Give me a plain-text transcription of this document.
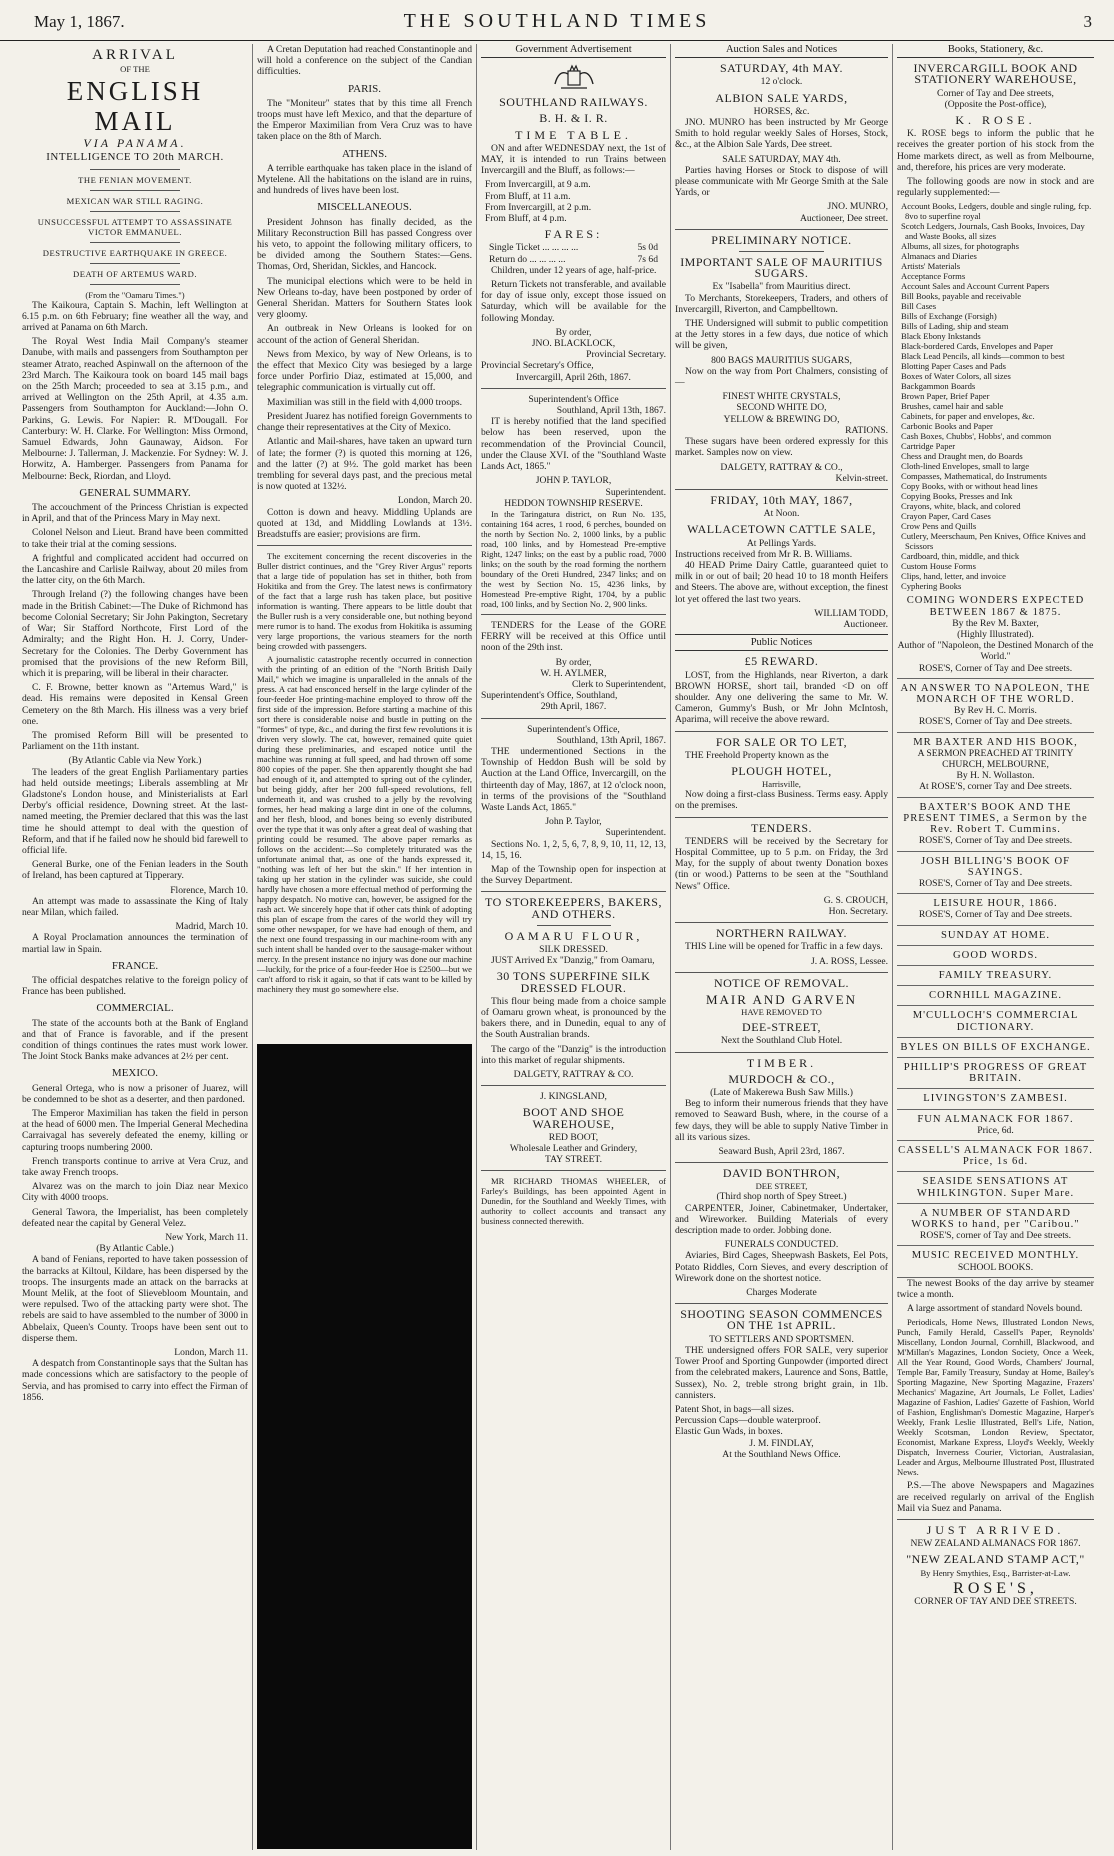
May 1, 1867.	THE SOUTHLAND TIMES	3
ARRIVAL
OF THE
ENGLISH MAIL
VIA PANAMA.
INTELLIGENCE TO 20th MARCH.
THE FENIAN MOVEMENT.
MEXICAN WAR STILL RAGING.
UNSUCCESSFUL ATTEMPT TO ASSASSINATE VICTOR EMMANUEL.
DESTRUCTIVE EARTHQUAKE IN GREECE.
DEATH OF ARTEMUS WARD.
(From the "Oamaru Times.")

The Kaikoura, Captain S. Machin, left Wellington at 6.15 p.m. on 6th February; fine weather all the way, and arrived at Panama on 6th March.

The Royal West India Mail Company's steamer Danube, with mails and passengers from Southampton per steamer Atrato, reached Aspinwall on the afternoon of the 23rd March. The Kaikoura took on board 145 mail bags on the 25th March; proceeded to sea at 3.15 p.m., and arrived at Wellington on the 25th April, at 4.35 a.m. Passengers from Southampton for Auckland:—John O. Parkins, G. Lewis. For Napier: R. M'Dougall. For Canterbury: W. H. Clarke. For Wellington: Miss Ormond, Samuel Edwards, John Gaunaway, Aidson. For Melbourne: J. Tallerman, J. Mackenzie. For Sydney: W. J. Horwitz, A. Hamberger. Passengers from Panama for Melbourne: Beck, Riordan, and Lloyd.

GENERAL SUMMARY.

The accouchment of the Princess Christian is expected in April, and that of the Princess Mary in May next.

Colonel Nelson and Lieut. Brand have been committed to take their trial at the coming sessions.

A frightful and complicated accident had occurred on the Lancashire and Carlisle Railway, about 20 miles from the latter city, on the 6th March.

Through Ireland (?) the following changes have been made in the British Cabinet:—The Duke of Richmond has become Colonial Secretary; Sir John Pakington, Secretary of War; Sir Stafford Northcote, First Lord of the Admiralty; and the Right Hon. H. J. Corry, Under-Secretary for the Colonies. The Derby Government has promised that the provisions of the new Reform Bill, which it is preparing, will be liberal in their character.

C. F. Browne, better known as "Artemus Ward," is dead. His remains were deposited in Kensal Green Cemetery on the 8th March. His illness was a very brief one.

The promised Reform Bill will be presented to Parliament on the 11th instant.

(By Atlantic Cable via New York.)

The leaders of the great English Parliamentary parties had held outside meetings; Liberals assembling at Mr Gladstone's London house, and Ministerialists at Earl Derby's official residence, Downing street. At the last-named meeting, the Premier declared that this was the last time he should attempt to deal with the question of Reform, and that if he failed now he should bid farewell to official life.

General Burke, one of the Fenian leaders in the South of Ireland, has been captured at Tipperary.

Florence, March 10.

An attempt was made to assassinate the King of Italy near Milan, which failed.

Madrid, March 10.

A Royal Proclamation announces the termination of martial law in Spain.

FRANCE.

The official despatches relative to the foreign policy of France has been published.

COMMERCIAL.

The state of the accounts both at the Bank of England and that of France is favorable, and if the present condition of things continues the rates must work lower. The Joint Stock Banks make advances at 2½ per cent.

MEXICO.

General Ortega, who is now a prisoner of Juarez, will be condemned to be shot as a deserter, and then pardoned.

The Emperor Maximilian has taken the field in person at the head of 6000 men. The Imperial General Mechedina Carraivagal has severely defeated the enemy, killing or capturing troops numbering 2000.

French transports continue to arrive at Vera Cruz, and take away French troops.

Alvarez was on the march to join Diaz near Mexico City with 4000 troops.

General Tawora, the Imperialist, has been completely defeated near the capital by General Velez.

New York, March 11.
(By Atlantic Cable.)

A band of Fenians, reported to have taken possession of the barracks at Kiltoul, Kildare, has been dispersed by the troops. The insurgents made an attack on the barracks at Mount Melik, at the foot of Slievebloom Mountain, and were repulsed. Two of the attacking party were shot. The rebels are said to have assembled to the number of 3000 in Abbelaix, Queen's County. Troops have been sent out to disperse them.

London, March 11.

A despatch from Constantinople says that the Sultan has made concessions which are satisfactory to the people of Servia, and has promised to carry into effect the Firman of 1856.

A Cretan Deputation had reached Constantinople and will hold a conference on the subject of the Candian difficulties.

PARIS.

The "Moniteur" states that by this time all French troops must have left Mexico, and that the departure of the Emperor Maximilian from Vera Cruz was to have taken place on the 8th of March.

ATHENS.

A terrible earthquake has taken place in the island of Mytelene. All the habitations on the island are in ruins, and hundreds of lives have been lost.

MISCELLANEOUS.

President Johnson has finally decided, as the Military Reconstruction Bill has passed Congress over his veto, to appoint the following military officers, to be divided among the Southern States:—Gens. Thomas, Ord, Sheridan, Sickles, and Hancock.

The municipal elections which were to be held in New Orleans to-day, have been postponed by order of General Sheridan. Matters for Southern States look very gloomy.

An outbreak in New Orleans is looked for on account of the action of General Sheridan.

News from Mexico, by way of New Orleans, is to the effect that Mexico City was besieged by a large force under Porfirio Diaz, estimated at 15,000, and telegraphic communication is virtually cut off.

Maximilian was still in the field with 4,000 troops.

President Juarez has notified foreign Governments to change their representatives at the City of Mexico.

Atlantic and Mail-shares, have taken an upward turn of late; the former (?) is quoted this morning at 126, and the latter (?) at 9½. The gold market has been trembling for several days past, and the precious metal is now quoted at 132½.

London, March 20.

Cotton is down and heavy. Middling Uplands are quoted at 13d, and Middling Lowlands at 13½. Breadstuffs are easier; provisions are firm.

The excitement concerning the recent discoveries in the Buller district continues, and the "Grey River Argus" reports that a large tide of population has set in thither, both from Hokitika and from the Grey. The latest news is confirmatory of the fact that a large rush has taken place, but positive information is wanting. There appears to be little doubt that the Buller rush is a very considerable one, but nothing beyond mere rumor is to hand. The exodus from Hokitika is assuming very large proportions, the various steamers for the north being crowded with passengers.

A journalistic catastrophe recently occurred in connection with the printing of an edition of the "North British Daily Mail," which we imagine is unparalleled in the annals of the press. A cat had ensconced herself in the large cylinder of the four-feeder Hoe printing-machine employed to throw off the first side of the impression. Before starting a machine of this sort there is considerable noise and bustle in putting on the "formes" of type, &c., and during the first few revolutions it is driven very slowly. The cat, however, remained quite quiet during these preliminaries, and escaped notice until the machine was running at full speed, and had thrown off some 800 copies of the paper. She then apparently thought she had had enough of it, and attempted to spring out of the cylinder, but being giddy, after her 200 full-speed revolutions, fell underneath it, and was crushed to a jelly by the revolving formes, her head making a large dint in one of the columns, and her flesh, blood, and bones being so evenly distributed over the type that it was only after a great deal of washing that printing could be resumed. The above paper remarks as follows on the accident:—So completely triturated was the unfortunate animal that, as one of the hands expressed it, "nothing was left of her but the skin." If her intention in taking up her station in the cylinder was suicide, she could hardly have chosen a more effectual method of performing the happy despatch. No motive can, however, be assigned for the rash act. We sincerely hope that if other cats think of adopting this plan of escape from the cares of the world they will try some other newspaper, for we have had enough of them, and the next one found trespassing in our machine-room with any such intent shall be handed over to the sausage-maker without mercy. In the present instance no injury was done our machine—luckily, for the price of a four-feeder Hoe is £2500—but we can't afford to risk it again, so that if cats want to be killed by machinery they must go somewhere else.

Government Advertisement
SOUTHLAND RAILWAYS.
B. H. & I. R.
TIME TABLE.

ON and after WEDNESDAY next, the 1st of MAY, it is intended to run Trains between Invercargill and the Bluff, as follows:—

From Invercargill, at 9 a.m.
From Bluff, at 11 a.m.
From Invercargill, at 2 p.m.
From Bluff, at 4 p.m.
FARES:
Single Ticket ... ... ... ...	5s 0d
Return do ... ... ... ...	7s 6d

Children, under 12 years of age, half-price.

Return Tickets not transferable, and available for day of issue only, except those issued on Saturday, which will be available for the following Monday.

By order,
JNO. BLACKLOCK,
Provincial Secretary.
Provincial Secretary's Office,
Invercargill, April 26th, 1867.
Superintendent's Office
Southland, April 13th, 1867.

IT is hereby notified that the land specified below has been reserved, upon the recommendation of the Provincial Council, under the Clause XVI. of the "Southland Waste Lands Act, 1865."

JOHN P. TAYLOR,
Superintendent.
HEDDON TOWNSHIP RESERVE.

In the Taringatura district, on Run No. 135, containing 164 acres, 1 rood, 6 perches, bounded on the north by Section No. 2, 1000 links, by a public road, 100 links, and by Homestead Pre-emptive Right, 1247 links; on the east by a public road, 7000 links; on the south by the road forming the northern boundary of the Oreti Hundred, 2347 links; and on the west by Section No. 15, 4236 links, by Homestead Pre-emptive Right, 1704, by a public road, 100 links, and by Section No. 2, 900 links.

TENDERS for the Lease of the GORE FERRY will be received at this Office until noon of the 29th inst.

By order,
W. H. AYLMER,
Clerk to Superintendent,
Superintendent's Office, Southland,
29th April, 1867.
Superintendent's Office,
Southland, 13th April, 1867.

THE undermentioned Sections in the Township of Heddon Bush will be sold by Auction at the Land Office, Invercargill, on the thirteenth day of May, 1867, at 12 o'clock noon, in terms of the provisions of the "Southland Waste Lands Act, 1865."

John P. Taylor,
Superintendent.

Sections No. 1, 2, 5, 6, 7, 8, 9, 10, 11, 12, 13, 14, 15, 16.

Map of the Township open for inspection at the Survey Department.

TO STOREKEEPERS, BAKERS, AND OTHERS.
OAMARU FLOUR,
SILK DRESSED.

JUST Arrived Ex "Danzig," from Oamaru,

30 TONS SUPERFINE SILK DRESSED FLOUR.

This flour being made from a choice sample of Oamaru grown wheat, is pronounced by the bakers there, and in Dunedin, equal to any of the South Australian brands.

The cargo of the "Danzig" is the introduction into this market of regular shipments.

DALGETY, RATTRAY & CO.
J. KINGSLAND,
BOOT AND SHOE WAREHOUSE,
RED BOOT,
Wholesale Leather and Grindery,
TAY STREET.

MR RICHARD THOMAS WHEELER, of Farley's Buildings, has been appointed Agent in Dunedin, for the Southland and Weekly Times, with authority to collect accounts and transact any business connected therewith.

Auction Sales and Notices
SATURDAY, 4th MAY.
12 o'clock.
ALBION SALE YARDS,
HORSES, &c.

JNO. MUNRO has been instructed by Mr George Smith to hold regular weekly Sales of Horses, Stock, &c., at the Albion Sale Yards, Dee street.

SALE SATURDAY, MAY 4th.

Parties having Horses or Stock to dispose of will please communicate with Mr George Smith at the Sale Yards, or

JNO. MUNRO,
Auctioneer, Dee street.
PRELIMINARY NOTICE.
IMPORTANT SALE OF MAURITIUS SUGARS.
Ex "Isabella" from Mauritius direct.

To Merchants, Storekeepers, Traders, and others of Invercargill, Riverton, and Campbelltown.

THE Undersigned will submit to public competition at the Jetty stores in a few days, due notice of which will be given,

800 BAGS MAURITIUS SUGARS,

Now on the way from Port Chalmers, consisting of—

FINEST WHITE CRYSTALS,
SECOND WHITE DO,
YELLOW & BREWING DO,
RATIONS.

These sugars have been ordered expressly for this market. Samples now on view.

DALGETY, RATTRAY & CO.,
Kelvin-street.
FRIDAY, 10th MAY, 1867,
At Noon.
WALLACETOWN CATTLE SALE,
At Pellings Yards.
Instructions received from Mr R. B. Williams.

40 HEAD Prime Dairy Cattle, guaranteed quiet to milk in or out of bail; 20 head 10 to 18 month Heifers and Steers. The above are, without exception, the finest lot yet offered the last two years.

WILLIAM TODD,
Auctioneer.
Public Notices
£5 REWARD.

LOST, from the Highlands, near Riverton, a dark BROWN HORSE, short tail, branded <D on off shoulder. Any one delivering the same to Mr. W. Cameron, Gummy's Bush, or Mr John McIntosh, Aparima, will receive the above reward.

FOR SALE OR TO LET,

THE Freehold Property known as the

PLOUGH HOTEL,
Harrisville,

Now doing a first-class Business. Terms easy. Apply on the premises.

TENDERS.

TENDERS will be received by the Secretary for Hospital Committee, up to 5 p.m. on Friday, the 3rd May, for the supply of about twenty Donation boxes (tin or wood.) Patterns to be seen at the "Southland News" Office.

G. S. CROUCH,
Hon. Secretary.
NORTHERN RAILWAY.

THIS Line will be opened for Traffic in a few days.

J. A. ROSS, Lessee.
NOTICE OF REMOVAL.
MAIR AND GARVEN
HAVE REMOVED TO
DEE-STREET,
Next the Southland Club Hotel.
TIMBER.
MURDOCH & CO.,
(Late of Makerewa Bush Saw Mills.)

Beg to inform their numerous friends that they have removed to Seaward Bush, where, in the course of a few days, they will be able to supply Native Timber in all its various sizes.

Seaward Bush, April 23rd, 1867.
DAVID BONTHRON,
DEE STREET,
(Third shop north of Spey Street.)

CARPENTER, Joiner, Cabinetmaker, Undertaker, and Wireworker. Building Materials of every description made to order. Jobbing done.

FUNERALS CONDUCTED.

Aviaries, Bird Cages, Sheepwash Baskets, Eel Pots, Potato Riddles, Corn Sieves, and every description of Wirework done on the shortest notice.

Charges Moderate
SHOOTING SEASON COMMENCES ON THE 1st APRIL.
TO SETTLERS AND SPORTSMEN.

THE undersigned offers FOR SALE, very superior Tower Proof and Sporting Gunpowder (imported direct from the celebrated makers, Laurence and Sons, Battle, Sussex), No. 2, treble strong bright grain, in 1lb. cannisters.

Patent Shot, in bags—all sizes.
Percussion Caps—double waterproof.
Elastic Gun Wads, in boxes.
J. M. FINDLAY,
At the Southland News Office.
Books, Stationery, &c.
INVERCARGILL BOOK AND STATIONERY WAREHOUSE,
Corner of Tay and Dee streets,
(Opposite the Post-office),
K. ROSE.

K. ROSE begs to inform the public that he receives the greater portion of his stock from the Home markets direct, as well as from Melbourne, and, therefore, his prices are very moderate.

The following goods are now in stock and are regularly supplemented:—

Account Books, Ledgers, double and single ruling, fcp. 8vo to superfine royal
Scotch Ledgers, Journals, Cash Books, Invoices, Day and Waste Books, all sizes
Albums, all sizes, for photographs
Almanacs and Diaries
Artists' Materials
Acceptance Forms
Account Sales and Account Current Papers
Bill Books, payable and receivable
Bill Cases
Bills of Exchange (Forsigh)
Bills of Lading, ship and steam
Black Ebony Inkstands
Black-bordered Cards, Envelopes and Paper
Black Lead Pencils, all kinds—common to best
Blotting Paper Cases and Pads
Boxes of Water Colors, all sizes
Backgammon Boards
Brown Paper, Brief Paper
Brushes, camel hair and sable
Cabinets, for paper and envelopes, &c.
Carbonic Books and Paper
Cash Boxes, Chubbs', Hobbs', and common
Cartridge Paper
Chess and Draught men, do Boards
Cloth-lined Envelopes, small to large
Compasses, Mathematical, do Instruments
Copy Books, with or without head lines
Copying Books, Presses and Ink
Crayons, white, black, and colored
Crayon Paper, Card Cases
Crow Pens and Quills
Cutlery, Meerschaum, Pen Knives, Office Knives and Scissors
Cardboard, thin, middle, and thick
Custom House Forms
Clips, hand, letter, and invoice
Cyphering Books
COMING WONDERS EXPECTED BETWEEN 1867 & 1875.
By the Rev M. Baxter,
(Highly Illustrated).
Author of "Napoleon, the Destined Monarch of the World."
ROSE'S, Corner of Tay and Dee streets.
AN ANSWER TO NAPOLEON, THE MONARCH OF THE WORLD.
By Rev H. C. Morris.
ROSE'S, Corner of Tay and Dee streets.
MR BAXTER AND HIS BOOK,
A SERMON PREACHED AT TRINITY CHURCH, MELBOURNE,
By H. N. Wollaston.
At ROSE'S, corner Tay and Dee streets.
BAXTER'S BOOK AND THE PRESENT TIMES, a Sermon by the Rev. Robert T. Cummins.
ROSE'S, Corner of Tay and Dee streets.
JOSH BILLING'S BOOK OF SAYINGS.
ROSE'S, Corner of Tay and Dee streets.
LEISURE HOUR, 1866.
ROSE'S, Corner of Tay and Dee streets.
SUNDAY AT HOME.
GOOD WORDS.
FAMILY TREASURY.
CORNHILL MAGAZINE.
M'CULLOCH'S COMMERCIAL DICTIONARY.
BYLES ON BILLS OF EXCHANGE.
PHILLIP'S PROGRESS OF GREAT BRITAIN.
LIVINGSTON'S ZAMBESI.
FUN ALMANACK FOR 1867.
Price, 6d.
CASSELL'S ALMANACK FOR 1867. Price, 1s 6d.
SEASIDE SENSATIONS AT WHILKINGTON. Super Mare.
A NUMBER OF STANDARD WORKS to hand, per "Caribou."
ROSE'S, corner of Tay and Dee streets.
MUSIC RECEIVED MONTHLY.
SCHOOL BOOKS.

The newest Books of the day arrive by steamer twice a month.

A large assortment of standard Novels bound.

Periodicals, Home News, Illustrated London News, Punch, Family Herald, Cassell's Paper, Reynolds' Miscellany, London Journal, Cornhill, Blackwood, and M'Millan's Magazines, London Society, Once a Week, All the Year Round, Good Words, Chambers' Journal, Temple Bar, Family Treasury, Sunday at Home, Bailey's Sporting Magazine, New Sporting Magazine, Frazers' Mechanics' Magazine, Art Journals, Le Follet, Ladies' Magazine of Fashion, Ladies' Gazette of Fashion, World of Fashion, Englishman's Domestic Magazine, Harper's Weekly, Frank Leslie Illustrated, Bell's Life, Nation, Weekly Scotsman, London Review, Spectator, Economist, Markane Express, Lloyd's Weekly, Weekly Dispatch, Inverness Courier, Victorian, Australasian, Leader and Argus, Melbourne Illustrated Post, Illustrated News.

P.S.—The above Newspapers and Magazines are received regularly on arrival of the English Mail via Suez and Panama.

JUST ARRIVED.
NEW ZEALAND ALMANACS FOR 1867.
"NEW ZEALAND STAMP ACT,"
By Henry Smythies, Esq., Barrister-at-Law.
ROSE'S,
CORNER OF TAY AND DEE STREETS.
